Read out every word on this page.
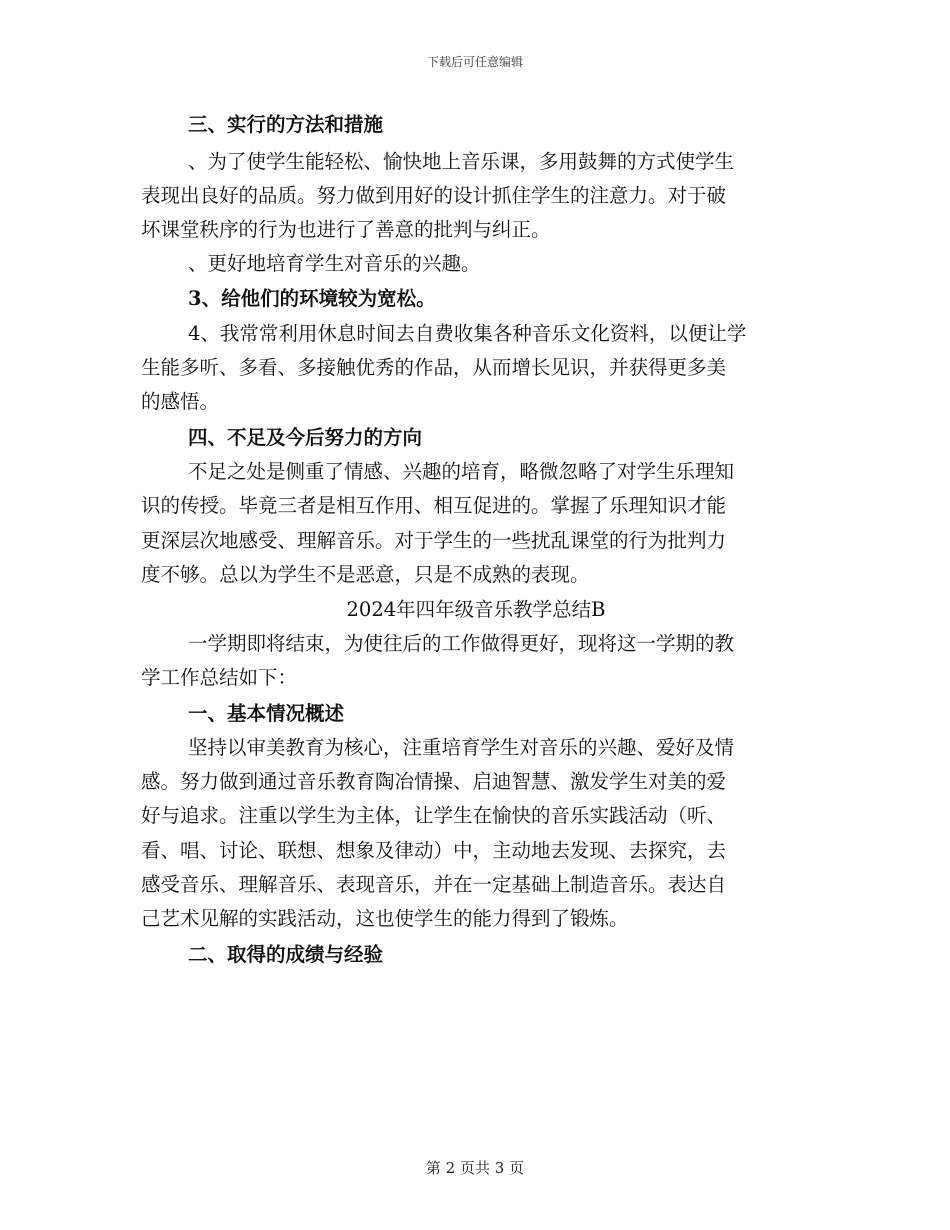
下载后可任意编辑
三、实行的方法和措施
、为了使学生能轻松、愉快地上音乐课，多用鼓舞的方式使学生
表现出良好的品质。努力做到用好的设计抓住学生的注意力。对于破
坏课堂秩序的行为也进行了善意的批判与纠正。
、更好地培育学生对音乐的兴趣。
3、给他们的环境较为宽松。
4、我常常利用休息时间去自费收集各种音乐文化资料，以便让学
生能多听、多看、多接触优秀的作品，从而增长见识，并获得更多美
的感悟。
四、不足及今后努力的方向
不足之处是侧重了情感、兴趣的培育，略微忽略了对学生乐理知
识的传授。毕竟三者是相互作用、相互促进的。掌握了乐理知识才能
更深层次地感受、理解音乐。对于学生的一些扰乱课堂的行为批判力
度不够。总以为学生不是恶意，只是不成熟的表现。
2024年四年级音乐教学总结B
一学期即将结束，为使往后的工作做得更好，现将这一学期的教
学工作总结如下：
一、基本情况概述
坚持以审美教育为核心，注重培育学生对音乐的兴趣、爱好及情
感。努力做到通过音乐教育陶冶情操、启迪智慧、激发学生对美的爱
好与追求。注重以学生为主体，让学生在愉快的音乐实践活动（听、
看、唱、讨论、联想、想象及律动）中，主动地去发现、去探究，去
感受音乐、理解音乐、表现音乐，并在一定基础上制造音乐。表达自
己艺术见解的实践活动，这也使学生的能力得到了锻炼。
二、取得的成绩与经验
第 2 页共 3 页
